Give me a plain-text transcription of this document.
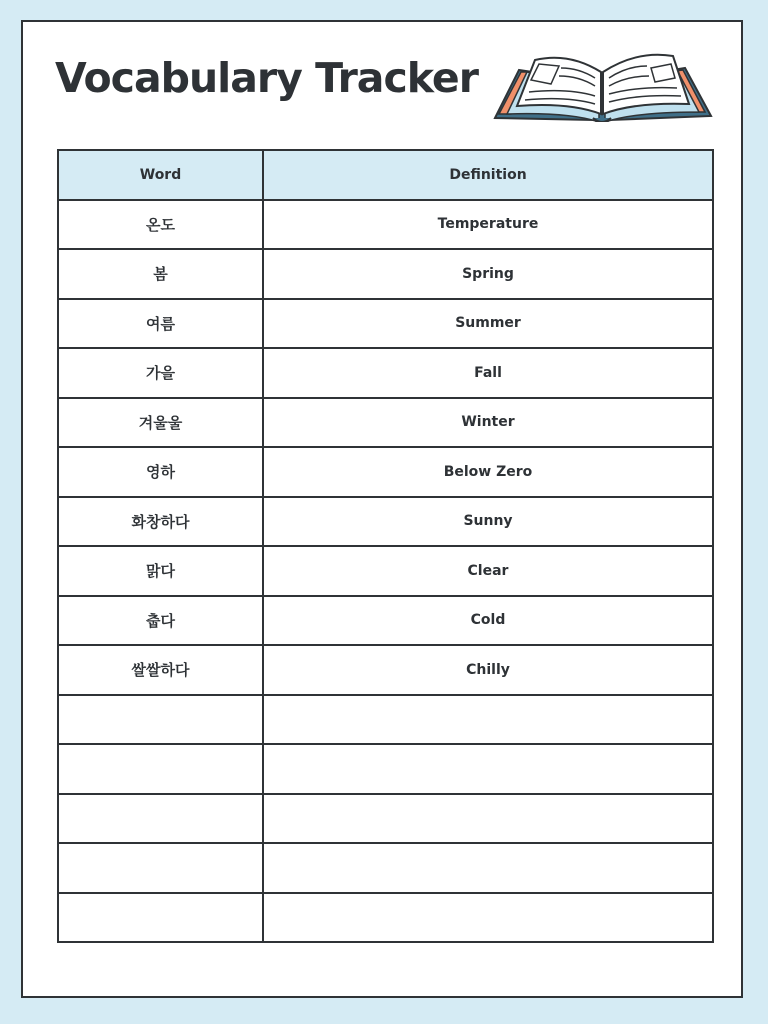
Vocabulary Tracker
Word	Definition
온도	Temperature
봄	Spring
여름	Summer
가을	Fall
겨울울	Winter
영하	Below Zero
화창하다	Sunny
맑다	Clear
춥다	Cold
쌀쌀하다	Chilly
